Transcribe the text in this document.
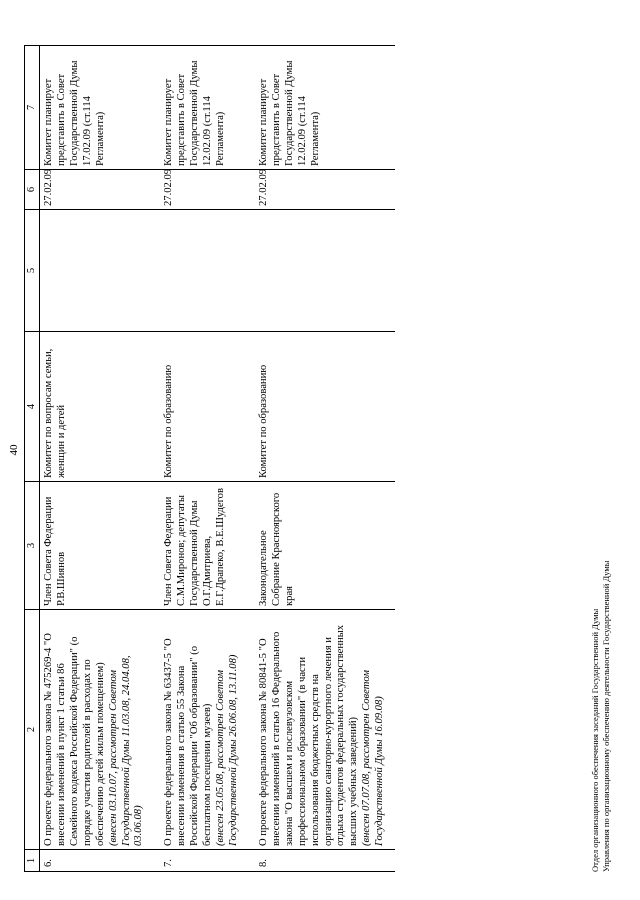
40
1	2	3	4	5	6	7
6.	О проекте федерального закона № 475269-4 "О внесении изменений в пункт 1 статьи 86 Семейного кодекса Российской Федерации" (о порядке участия родителей в расходах по обеспечению детей жильм помещением) (внесен 03.10.07, рассмотрен Советом Государственной Думы 11.03.08, 24.04.08, 03.06.08)	Член Совета Федерации Р.В.Шиянов	Комитет по вопросам семьи, женщин и детей		27.02.09	Комитет планирует представить в Совет Государственной Думы 17.02.09 (ст.114 Регламента)
7.	О проекте федерального закона № 63437-5 "О внесении изменения в статью 55 Закона Российской Федерации "Об образовании" (о бесплатном посещении музеев) (внесен 23.05.08, рассмотрен Советом Государственной Думы 26.06.08, 13.11.08)	Член Совета Федерации С.М.Миронов; депутаты Государственной Думы О.Г.Дмитриева, Е.Г.Драпеко, В.Е.Шудегов	Комитет по образованию		27.02.09	Комитет планирует представить в Совет Государственной Думы 12.02.09 (ст.114 Регламента)
8.	О проекте федерального закона № 80841-5 "О внесении изменений в статью 16 Федерального закона "О высшем и послевузовском профессиональном образовании" (в части использования бюджетных средств на организацию санаторно-курортного лечения и отдыха студентов федеральных государственных высших учебных заведений) (внесен 07.07.08, рассмотрен Советом Государственной Думы 16.09.08)	Законодательное Собрание Красноярского края	Комитет по образованию		27.02.09	Комитет планирует представить в Совет Государственной Думы 12.02.09 (ст.114 Регламента)
Отдел организационного обеспечения заседаний Государственной Думы Управления по организационному обеспечению деятельности Государственной Думы
